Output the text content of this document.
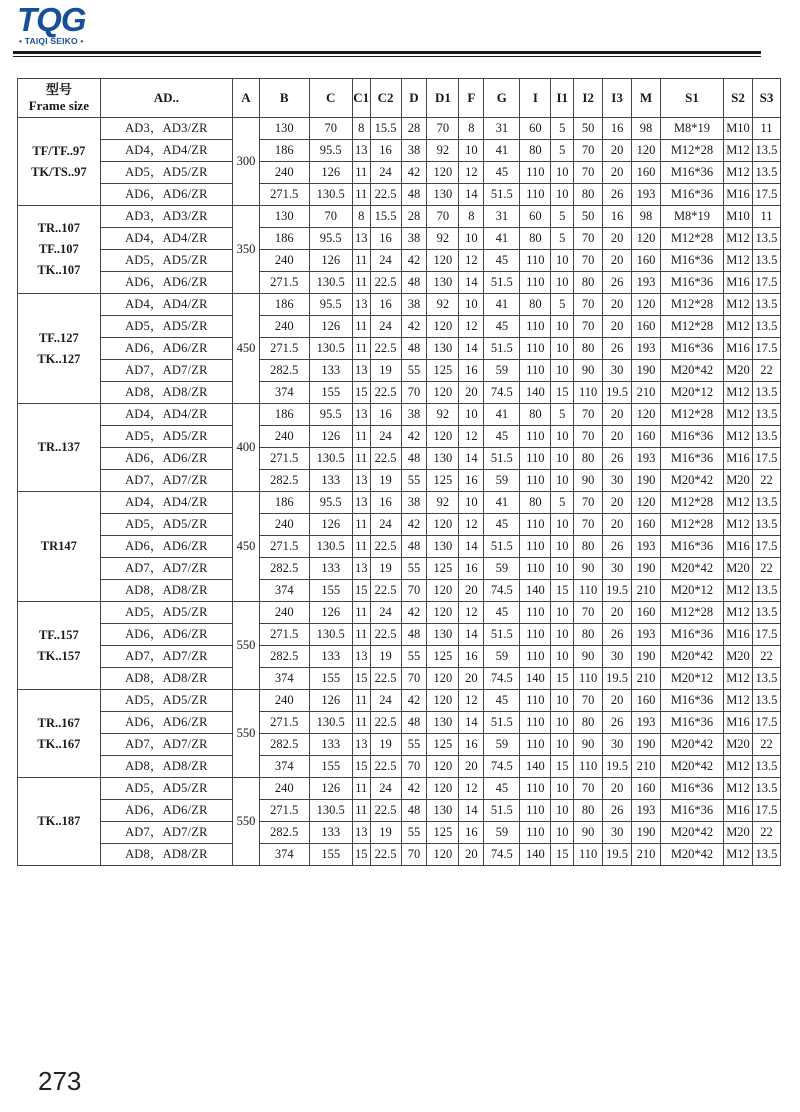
TQG
• TAIQI SEIKO •
型号
Frame size	AD..	A	B	C	C1	C2	D	D1	F	G	I	I1	I2	I3	M	S1	S2	S3

TF/TF..97
TK/TS..97	AD3，AD3/ZR	300	130	70	8	15.5	28	70	8	31	60	5	50	16	98	M8*19	M10	11
	AD4，AD4/ZR		186	95.5	13	16	38	92	10	41	80	5	70	20	120	M12*28	M12	13.5
	AD5，AD5/ZR		240	126	11	24	42	120	12	45	110	10	70	20	160	M16*36	M12	13.5
	AD6，AD6/ZR		271.5	130.5	11	22.5	48	130	14	51.5	110	10	80	26	193	M16*36	M16	17.5

TR..107
TF..107
TK..107	AD3，AD3/ZR	350	130	70	8	15.5	28	70	8	31	60	5	50	16	98	M8*19	M10	11
	AD4，AD4/ZR		186	95.5	13	16	38	92	10	41	80	5	70	20	120	M12*28	M12	13.5
	AD5，AD5/ZR		240	126	11	24	42	120	12	45	110	10	70	20	160	M16*36	M12	13.5
	AD6，AD6/ZR		271.5	130.5	11	22.5	48	130	14	51.5	110	10	80	26	193	M16*36	M16	17.5

TF..127
TK..127	AD4，AD4/ZR	450	186	95.5	13	16	38	92	10	41	80	5	70	20	120	M12*28	M12	13.5
	AD5，AD5/ZR		240	126	11	24	42	120	12	45	110	10	70	20	160	M12*28	M12	13.5
	AD6，AD6/ZR		271.5	130.5	11	22.5	48	130	14	51.5	110	10	80	26	193	M16*36	M16	17.5
	AD7，AD7/ZR		282.5	133	13	19	55	125	16	59	110	10	90	30	190	M20*42	M20	22
	AD8，AD8/ZR		374	155	15	22.5	70	120	20	74.5	140	15	110	19.5	210	M20*12	M12	13.5

TR..137	AD4，AD4/ZR	400	186	95.5	13	16	38	92	10	41	80	5	70	20	120	M12*28	M12	13.5
	AD5，AD5/ZR		240	126	11	24	42	120	12	45	110	10	70	20	160	M16*36	M12	13.5
	AD6，AD6/ZR		271.5	130.5	11	22.5	48	130	14	51.5	110	10	80	26	193	M16*36	M16	17.5
	AD7，AD7/ZR		282.5	133	13	19	55	125	16	59	110	10	90	30	190	M20*42	M20	22

TR147	AD4，AD4/ZR	450	186	95.5	13	16	38	92	10	41	80	5	70	20	120	M12*28	M12	13.5
	AD5，AD5/ZR		240	126	11	24	42	120	12	45	110	10	70	20	160	M12*28	M12	13.5
	AD6，AD6/ZR		271.5	130.5	11	22.5	48	130	14	51.5	110	10	80	26	193	M16*36	M16	17.5
	AD7，AD7/ZR		282.5	133	13	19	55	125	16	59	110	10	90	30	190	M20*42	M20	22
	AD8，AD8/ZR		374	155	15	22.5	70	120	20	74.5	140	15	110	19.5	210	M20*12	M12	13.5

TF..157
TK..157	AD5，AD5/ZR	550	240	126	11	24	42	120	12	45	110	10	70	20	160	M12*28	M12	13.5
	AD6，AD6/ZR		271.5	130.5	11	22.5	48	130	14	51.5	110	10	80	26	193	M16*36	M16	17.5
	AD7，AD7/ZR		282.5	133	13	19	55	125	16	59	110	10	90	30	190	M20*42	M20	22
	AD8，AD8/ZR		374	155	15	22.5	70	120	20	74.5	140	15	110	19.5	210	M20*12	M12	13.5

TR..167
TK..167	AD5，AD5/ZR	550	240	126	11	24	42	120	12	45	110	10	70	20	160	M16*36	M12	13.5
	AD6，AD6/ZR		271.5	130.5	11	22.5	48	130	14	51.5	110	10	80	26	193	M16*36	M16	17.5
	AD7，AD7/ZR		282.5	133	13	19	55	125	16	59	110	10	90	30	190	M20*42	M20	22
	AD8，AD8/ZR		374	155	15	22.5	70	120	20	74.5	140	15	110	19.5	210	M20*42	M12	13.5

TK..187	AD5，AD5/ZR	550	240	126	11	24	42	120	12	45	110	10	70	20	160	M16*36	M12	13.5
	AD6，AD6/ZR		271.5	130.5	11	22.5	48	130	14	51.5	110	10	80	26	193	M16*36	M16	17.5
	AD7，AD7/ZR		282.5	133	13	19	55	125	16	59	110	10	90	30	190	M20*42	M20	22
	AD8，AD8/ZR		374	155	15	22.5	70	120	20	74.5	140	15	110	19.5	210	M20*42	M12	13.5
273
